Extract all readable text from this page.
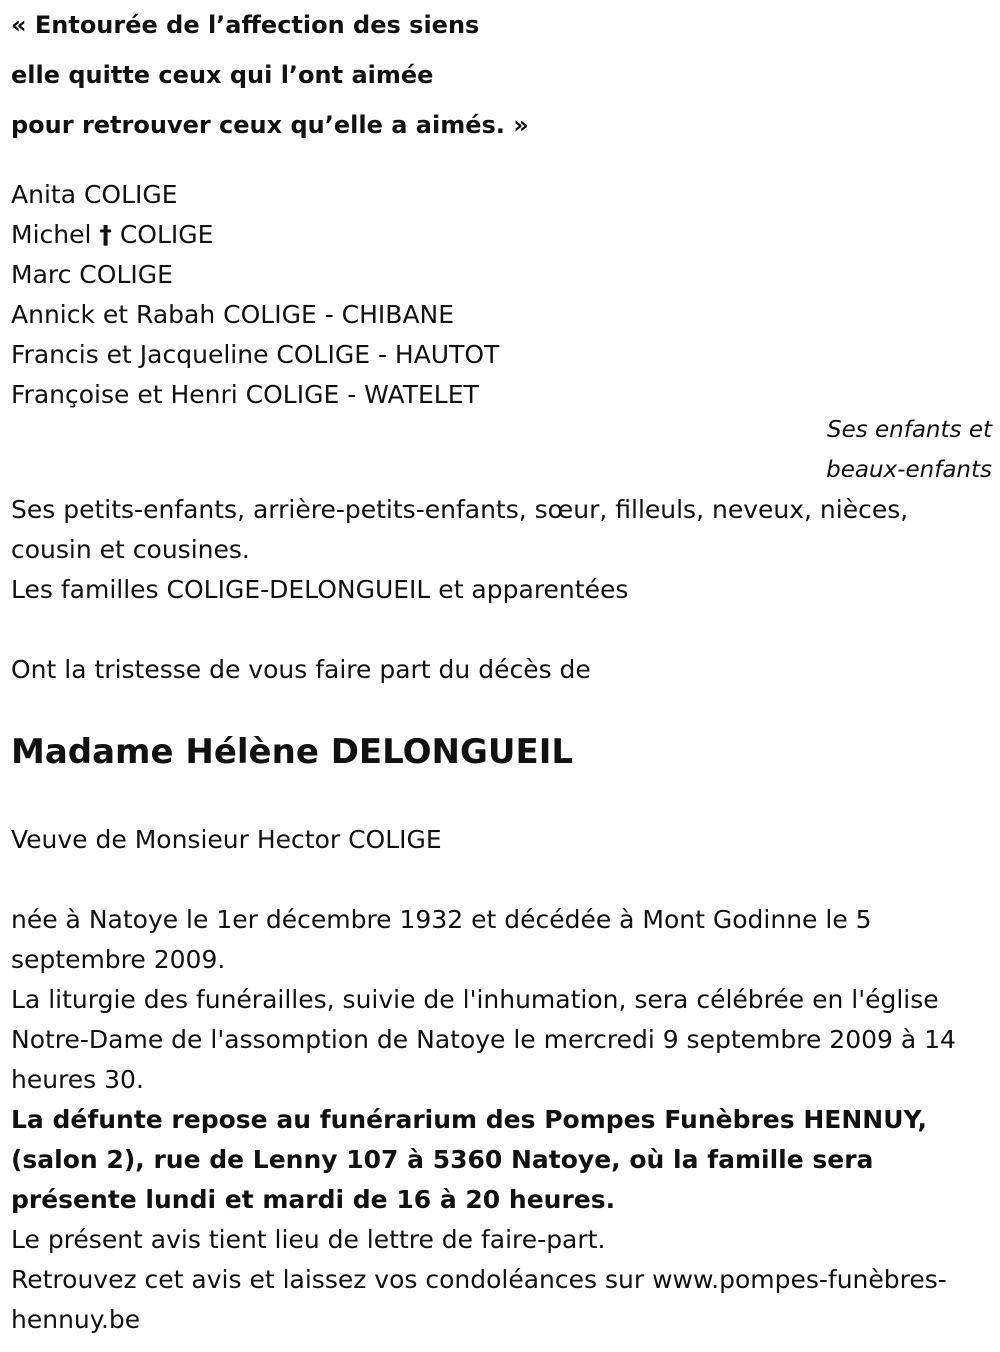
« Entourée de l’affection des siens
elle quitte ceux qui l’ont aimée
pour retrouver ceux qu’elle a aimés. »
Anita COLIGE
Michel † COLIGE
Marc COLIGE
Annick et Rabah COLIGE - CHIBANE
Francis et Jacqueline COLIGE - HAUTOT
Françoise et Henri COLIGE - WATELET
Ses enfants et
beaux-enfants
Ses petits-enfants, arrière-petits-enfants, sœur, filleuls, neveux, nièces, cousin et cousines.
Les familles COLIGE-DELONGUEIL et apparentées
Ont la tristesse de vous faire part du décès de
Madame Hélène DELONGUEIL
Veuve de Monsieur Hector COLIGE
née à Natoye le 1er décembre 1932 et décédée à Mont Godinne le 5 septembre 2009.
La liturgie des funérailles, suivie de l'inhumation, sera célébrée en l'église Notre-Dame de l'assomption de Natoye le mercredi 9 septembre 2009 à 14 heures 30.
La défunte repose au funérarium des Pompes Funèbres HENNUY, (salon 2), rue de Lenny 107 à 5360 Natoye, où la famille sera présente lundi et mardi de 16 à 20 heures.
Le présent avis tient lieu de lettre de faire-part.
Retrouvez cet avis et laissez vos condoléances sur www.pompes-funèbres-hennuy.be
